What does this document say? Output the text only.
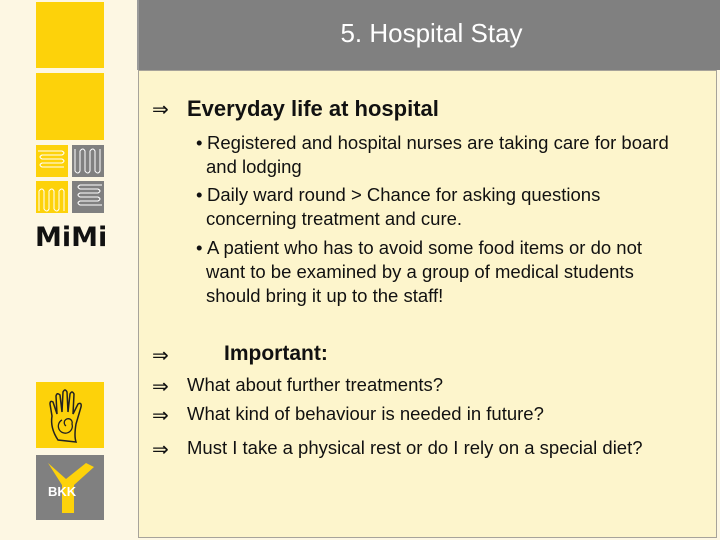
MiMi
BKK
5. Hospital Stay
⇒ Everyday life at hospital
• Registered and hospital nurses are taking care for board
and lodging
• Daily ward round > Chance for asking questions
concerning treatment and cure.
• A patient who has to avoid some food items or do not
want to be examined by a group of medical students
should bring it up to the staff!
⇒	Important:
⇒ What about further treatments?
⇒ What kind of behaviour is needed in future?
⇒ Must I take a physical rest or do I rely on a special diet?
